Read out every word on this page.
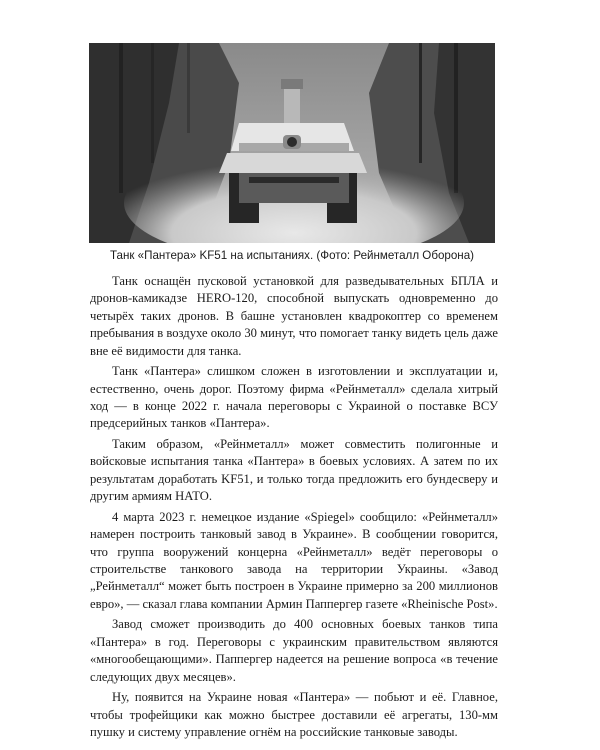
Танк «Пантера» KF51 на испытаниях. (Фото: Рейнметалл Оборона)

Танк оснащён пусковой установкой для разведывательных БПЛА и дронов-камикадзе HERO-120, способной выпускать одновременно до четырёх таких дронов. В башне установлен квадрокоптер со временем пребывания в воздухе около 30 минут, что помогает танку видеть цель даже вне её видимости для танка.

Танк «Пантера» слишком сложен в изготовлении и эксплуатации и, естественно, очень дорог. Поэтому фирма «Рейнметалл» сделала хитрый ход — в конце 2022 г. начала переговоры с Украиной о поставке ВСУ предсерийных танков «Пантера».

Таким образом, «Рейнметалл» может совместить полигонные и войсковые испытания танка «Пантера» в боевых условиях. А затем по их результатам доработать KF51, и только тогда предложить его бундесверу и другим армиям НАТО.

4 марта 2023 г. немецкое издание «Spiegel» сообщило: «Рейнметалл» намерен построить танковый завод в Украине». В сообщении говорится, что группа вооружений концерна «Рейнметалл» ведёт переговоры о строительстве танкового завода на территории Украины. «Завод „Рейнметалл“ может быть построен в Украине примерно за 200 миллионов евро», — сказал глава компании Армин Паппергер газете «Rheinische Post».

Завод сможет производить до 400 основных боевых танков типа «Пантера» в год. Переговоры с украинским правительством являются «многообещающими». Паппергер надеется на решение вопроса «в течение следующих двух месяцев».

Ну, появится на Украине новая «Пантера» — побьют и её. Главное, чтобы трофейщики как можно быстрее доставили её агрегаты, 130-мм пушку и систему управление огнём на российские танковые заводы.
